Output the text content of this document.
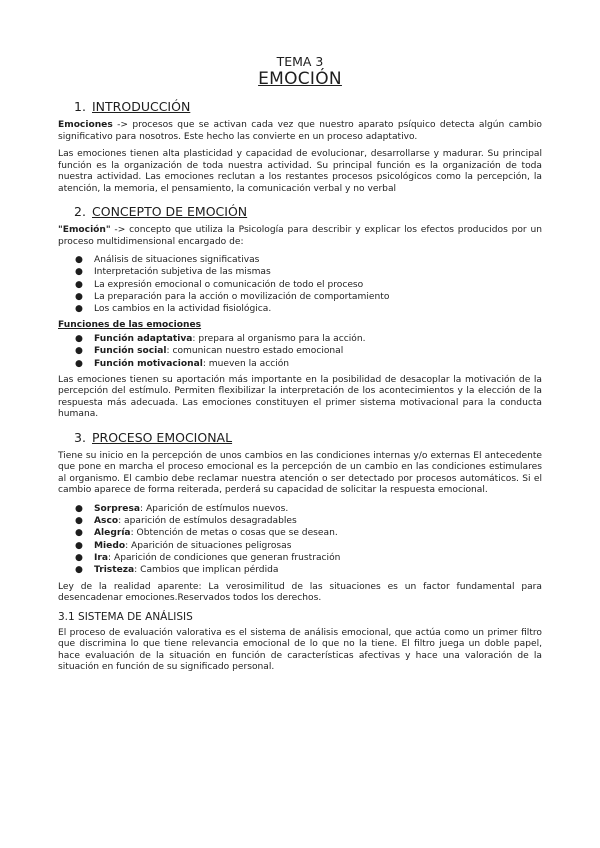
TEMA 3
EMOCIÓN
1. INTRODUCCIÓN

Emociones -> procesos que se activan cada vez que nuestro aparato psíquico detecta algún cambio significativo para nosotros. Este hecho las convierte en un proceso adaptativo.

Las emociones tienen alta plasticidad y capacidad de evolucionar, desarrollarse y madurar. Su principal función es la organización de toda nuestra actividad. Su principal función es la organización de toda nuestra actividad. Las emociones reclutan a los restantes procesos psicológicos como la percepción, la atención, la memoria, el pensamiento, la comunicación verbal y no verbal

2. CONCEPTO DE EMOCIÓN

"Emoción" -> concepto que utiliza la Psicología para describir y explicar los efectos producidos por un proceso multidimensional encargado de:

● Análisis de situaciones significativas
● Interpretación subjetiva de las mismas
● La expresión emocional o comunicación de todo el proceso
● La preparación para la acción o movilización de comportamiento
● Los cambios en la actividad fisiológica.
Funciones de las emociones
● Función adaptativa: prepara al organismo para la acción.
● Función social: comunican nuestro estado emocional
● Función motivacional: mueven la acción

Las emociones tienen su aportación más importante en la posibilidad de desacoplar la motivación de la percepción del estímulo. Permiten flexibilizar la interpretación de los acontecimientos y la elección de la respuesta más adecuada. Las emociones constituyen el primer sistema motivacional para la conducta humana.

3. PROCESO EMOCIONAL

Tiene su inicio en la percepción de unos cambios en las condiciones internas y/o externas El antecedente que pone en marcha el proceso emocional es la percepción de un cambio en las condiciones estimulares al organismo. El cambio debe reclamar nuestra atención o ser detectado por procesos automáticos. Si el cambio aparece de forma reiterada, perderá su capacidad de solicitar la respuesta emocional.

● Sorpresa: Aparición de estímulos nuevos.
● Asco: aparición de estímulos desagradables
● Alegría: Obtención de metas o cosas que se desean.
● Miedo: Aparición de situaciones peligrosas
● Ira: Aparición de condiciones que generan frustración
● Tristeza: Cambios que implican pérdida

Ley de la realidad aparente: La verosimilitud de las situaciones es un factor fundamental para desencadenar emociones.Reservados todos los derechos.

3.1 SISTEMA DE ANÁLISIS

El proceso de evaluación valorativa es el sistema de análisis emocional, que actúa como un primer filtro que discrimina lo que tiene relevancia emocional de lo que no la tiene. El filtro juega un doble papel, hace evaluación de la situación en función de características afectivas y hace una valoración de la situación en función de su significado personal.
